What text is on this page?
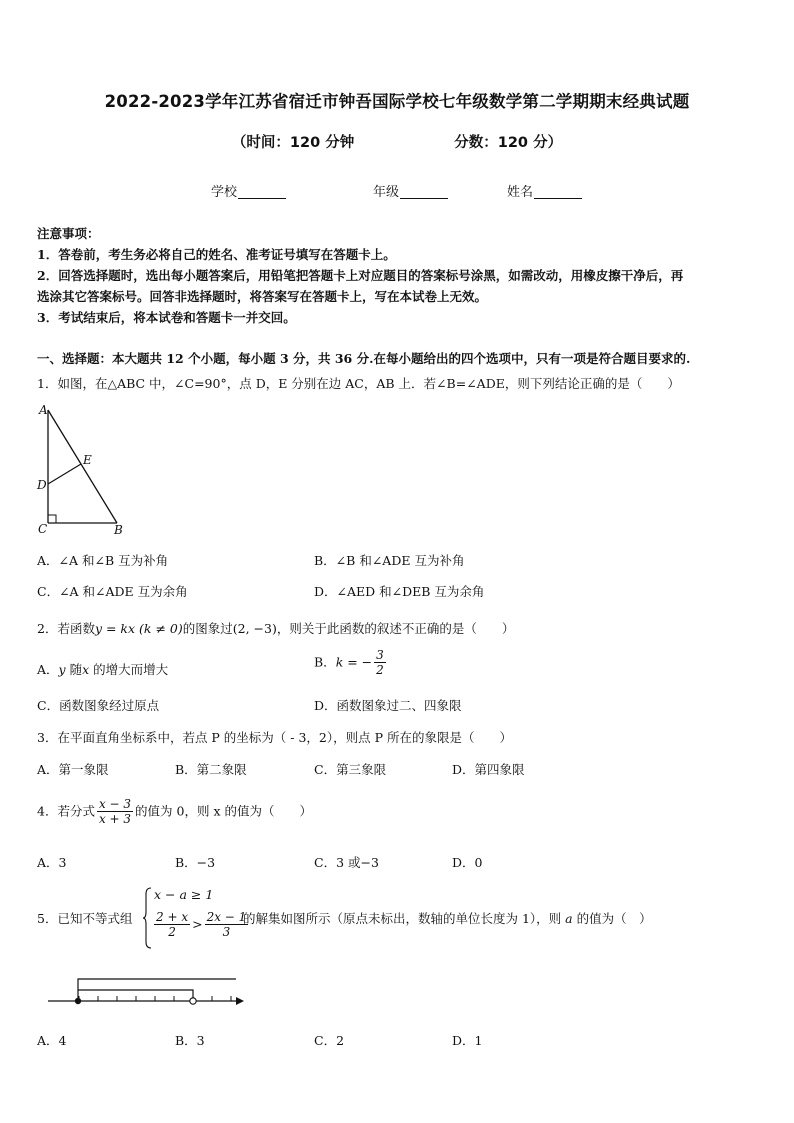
2022-2023学年江苏省宿迁市钟吾国际学校七年级数学第二学期期末经典试题
（时间：120 分钟	分数：120 分）
学校	年级	姓名
注意事项：
1．答卷前，考生务必将自己的姓名、准考证号填写在答题卡上。
2．回答选择题时，选出每小题答案后，用铅笔把答题卡上对应题目的答案标号涂黑，如需改动，用橡皮擦干净后，再
选涂其它答案标号。回答非选择题时，将答案写在答题卡上，写在本试卷上无效。
3．考试结束后，将本试卷和答题卡一并交回。
一、选择题：本大题共 12 个小题，每小题 3 分，共 36 分.在每小题给出的四个选项中，只有一项是符合题目要求的.
1．如图，在△ABC 中，∠C=90°，点 D，E 分别在边 AC，AB 上．若∠B=∠ADE，则下列结论正确的是（　　）
A
E
D
C	B
A．∠A 和∠B 互为补角	B．∠B 和∠ADE 互为补角
C．∠A 和∠ADE 互为余角	D．∠AED 和∠DEB 互为余角
2．若函数y = kx (k ≠ 0)的图象过(2, −3)，则关于此函数的叙述不正确的是（　　）
A．y 随x 的增大而增大
B．k = − $\frac{3}{2}$
C．函数图象经过原点	D．函数图象过二、四象限
3．在平面直角坐标系中，若点 P 的坐标为（ - 3，2），则点 P 所在的象限是（　　）
A．第一象限	B．第二象限	C．第三象限	D．第四象限
4．若分式 $\frac{x - 3}{x + 3}$ 的值为 0，则 x 的值为（　　）
A．3	B．−3	C．3 或−3	D．0
5．已知不等式组
x − a ≥ 1
$\frac{2 + x}{2} > \frac{2x - 1}{3}$
的解集如图所示（原点未标出，数轴的单位长度为 1），则 a 的值为（　）
A．4	B．3	C．2	D．1
